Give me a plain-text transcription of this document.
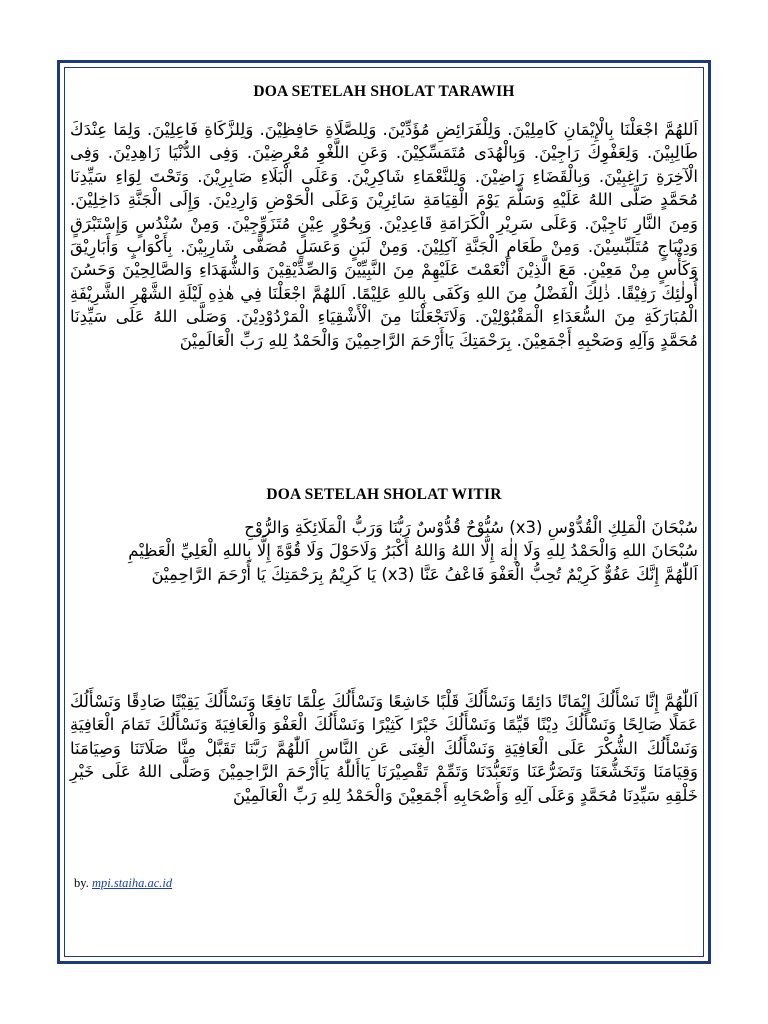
DOA SETELAH SHOLAT TARAWIH

اَللهُمَّ اجْعَلْنَا بِالْإِيْمَانِ كَامِلِيْنَ. وَلِلْفَرَائِضِ مُؤَدِّيْنَ. وَلِلصَّلَاةِ حَافِظِيْنَ. وَلِلزَّكَاةِ فَاعِلِيْنَ. وَلِمَا عِنْدَكَ طَالِبِيْنَ. وَلِعَفْوِكَ رَاجِيْنَ. وَبِالْهُدَى مُتَمَسِّكِيْنَ. وَعَنِ اللَّغْوِ مُعْرِضِيْنَ. وَفِى الدُّنْيَا زَاهِدِيْنَ. وَفِى الْآخِرَةِ رَاغِبِيْنَ. وَبِالْقَضَاءِ رَاضِيْنَ. وَلِلنَّعْمَاءِ شَاكِرِيْنَ. وَعَلَى الْبَلَاءِ صَابِرِيْنَ. وَتَحْتَ لِوَاءِ سَيِّدِنَا مُحَمَّدٍ صَلَّى اللهُ عَلَيْهِ وَسَلَّمَ يَوْمَ الْقِيَامَةِ سَائِرِيْنَ وَعَلَى الْحَوْضِ وَارِدِيْنَ. وَإِلَى الْجَنَّةِ دَاخِلِيْنَ. وَمِنَ النَّارِ نَاجِيْنَ. وَعَلَى سَرِيْرِ الْكَرَامَةِ قَاعِدِيْنَ. وَبِحُوْرٍ عِيْنٍ مُتَزَوِّجِيْنَ. وَمِنْ سُنْدُسٍ وَإِسْتَبْرَقٍ وَدِيْبَاجٍ مُتَلَبِّسِيْنَ. وَمِنْ طَعَامِ الْجَنَّةِ آكِلِيْنَ. وَمِنْ لَبَنٍ وَعَسَلٍ مُصَفًّى شَارِبِيْنَ. بِأَكْوَابٍ وَأَبَارِيْقَ وَكَأْسٍ مِنْ مَعِيْنٍ. مَعَ الَّذِيْنَ أَنْعَمْتَ عَلَيْهِمْ مِنَ النَّبِيِّيْنَ وَالصِّدِّيْقِيْنَ وَالشُّهَدَاءِ وَالصَّالِحِيْنَ وَحَسُنَ أُولٰئِكَ رَفِيْقًا. ذٰلِكَ الْفَضْلُ مِنَ اللهِ وَكَفَى بِاللهِ عَلِيْمًا. اَللهُمَّ اجْعَلْنَا فِي هٰذِهِ لَيْلَةِ الشَّهْرِ الشَّرِيْفَةِ الْمُبَارَكَةِ مِنَ السُّعَدَاءِ الْمَقْبُوْلِيْنَ. وَلَاتَجْعَلْنَا مِنَ الْأَشْقِيَاءِ الْمَرْدُوْدِيْنَ. وَصَلَّى اللهُ عَلَى سَيِّدِنَا مُحَمَّدٍ وَآلِهِ وَصَحْبِهِ أَجْمَعِيْنَ. بِرَحْمَتِكَ يَاأَرْحَمَ الرَّاحِمِيْنَ وَالْحَمْدُ لِلهِ رَبِّ الْعَالَمِيْنَ

DOA SETELAH SHOLAT WITIR

سُبْحَانَ الْمَلِكِ الْقُدُّوْسِ (x3) سُبُّوْحٌ قُدُّوْسٌ رَبُّنَا وَرَبُّ الْمَلَائِكَةِ وَالرُّوْحِ

سُبْحَانَ اللهِ وَالْحَمْدُ لِلهِ وَلَا إِلٰهَ إِلَّا اللهُ وَاللهُ أَكْبَرُ وَلَاحَوْلَ وَلَا قُوَّةَ إِلَّا بِاللهِ الْعَلِيِّ الْعَظِيْمِ

اَللّٰهُمَّ إِنَّكَ عَفُوٌّ كَرِيْمٌ تُحِبُّ الْعَفْوَ فَاعْفُ عَنَّا (x3) يَا كَرِيْمُ بِرَحْمَتِكَ يَا أَرْحَمَ الرَّاحِمِيْنَ

اَللّٰهُمَّ إِنَّا نَسْأَلُكَ إِيْمَانًا دَائِمًا وَنَسْأَلُكَ قَلْبًا خَاشِعًا وَنَسْأَلُكَ عِلْمًا نَافِعًا وَنَسْأَلُكَ يَقِيْنًا صَادِقًا وَنَسْأَلُكَ عَمَلًا صَالِحًا وَنَسْأَلُكَ دِيْنًا قَيِّمًا وَنَسْأَلُكَ خَيْرًا كَثِيْرًا وَنَسْأَلُكَ الْعَفْوَ وَالْعَافِيَةَ وَنَسْأَلُكَ تَمَامَ الْعَافِيَةِ وَنَسْأَلُكَ الشُّكْرَ عَلَى الْعَافِيَةِ وَنَسْأَلُكَ الْغِنَى عَنِ النَّاسِ اَللّٰهُمَّ رَبَّنَا تَقَبَّلْ مِنَّا صَلَاتَنَا وَصِيَامَنَا وَقِيَامَنَا وَتَخَشُّعَنَا وَتَضَرُّعَنَا وَتَعَبُّدَنَا وَتَمِّمْ تَقْصِيْرَنَا يَاأَللّٰهُ يَاأَرْحَمَ الرَّاحِمِيْنَ وَصَلَّى اللهُ عَلَى خَيْرِ خَلْقِهِ سَيِّدِنَا مُحَمَّدٍ وَعَلَى آلِهِ وَأَصْحَابِهِ أَجْمَعِيْنَ وَالْحَمْدُ لِلهِ رَبِّ الْعَالَمِيْنَ

by. mpi.staiha.ac.id
